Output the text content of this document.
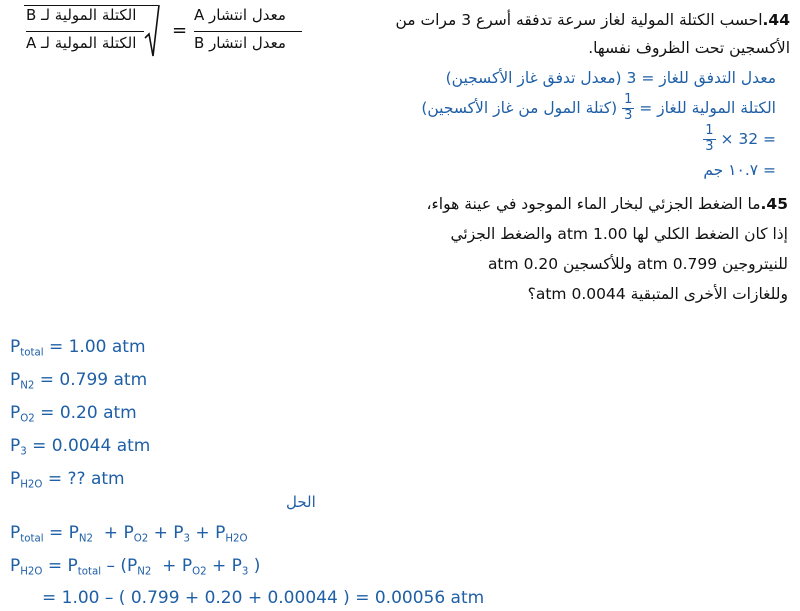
الكتلة المولية لـ B
الكتلة المولية لـ A
=
معدل انتشار A
معدل انتشار B
44.احسب الكتلة المولية لغاز سرعة تدفقه أسرع 3 مرات من
الأكسجين تحت الظروف نفسها.
معدل التدفق للغاز = 3 (معدل تدفق غاز الأكسجين)
الكتلة المولية للغاز =
$\frac{1}{3}$
(كتلة المول من غاز الأكسجين)
$\frac{1}{3} \times 32$ =
= ١٠.٧ جم
45.ما الضغط الجزئي لبخار الماء الموجود في عينة هواء،
إذا كان الضغط الكلي لها 1.00 atm والضغط الجزئي
للنيتروجين 0.799 atm وللأكسجين 0.20 atm
وللغازات الأخرى المتبقية 0.0044 atm؟
$P_{total} = 1.00$ atm
$P_{N2} = 0.799$ atm
$P_{O2} = 0.20$ atm
$P_3 = 0.0044$ atm
$P_{H2O}$ = ?? atm
الحل
$P_{total} = P_{N2} + P_{O2} + P_3 + P_{H2O}$
$P_{H2O} = P_{total} - (P_{N2} + P_{O2} + P_3$ )
= 1.00 – ( 0.799 + 0.20 + 0.00044 ) = 0.00056 atm
